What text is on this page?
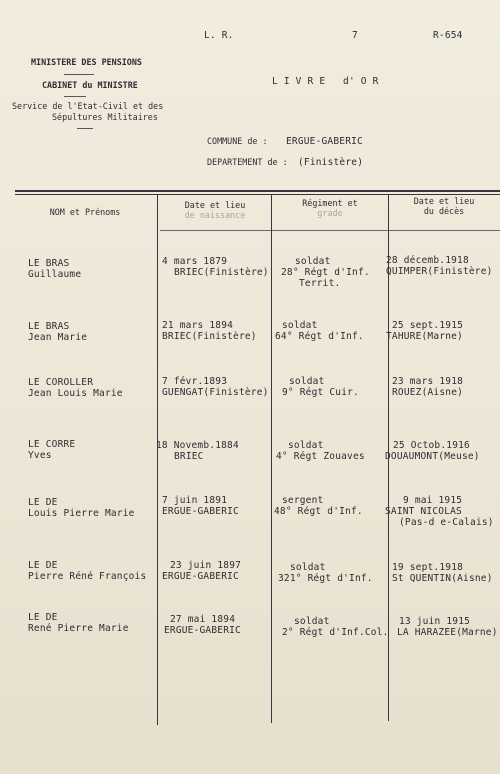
L. R.	7	R-654
MINISTERE DES PENSIONS
CABINET du MINISTRE
Service de l'Etat-Civil et des
Sépultures Militaires
L I V R E   d' O R
COMMUNE de : ERGUE-GABERIC
DEPARTEMENT de : (Finistère)
NOM et Prénoms
Date et lieu
de naissance
Régiment et
grade
Date et lieu
du décès
LE BRAS
Guillaume
4 mars 1879
BRIEC(Finistère)
soldat
28° Régt d'Inf.
Territ.
28 décemb.1918
QUIMPER(Finistère)
LE BRAS
Jean Marie
21 mars 1894
BRIEC(Finistère)
soldat
64° Régt d'Inf.
25 sept.1915
TAHURE(Marne)
LE COROLLER
Jean Louis Marie
7 févr.1893
GUENGAT(Finistère)
soldat
9° Régt Cuir.
23 mars 1918
ROUEZ(Aisne)
LE CORRE
Yves
18 Novemb.1884
BRIEC
soldat
4° Régt Zouaves
25 Octob.1916
DOUAUMONT(Meuse)
LE DE
Louis Pierre Marie
7 juin 1891
ERGUE-GABERIC
sergent
48° Régt d'Inf.
9 mai 1915
SAINT NICOLAS
(Pas-d e-Calais)
LE DE
Pierre Réné François
23 juin 1897
ERGUE-GABERIC
soldat
321° Régt d'Inf.
19 sept.1918
St QUENTIN(Aisne)
LE DE
René Pierre Marie
27 mai 1894
ERGUE-GABERIC
soldat
2° Régt d'Inf.Col.
13 juin 1915
LA HARAZEE(Marne)
